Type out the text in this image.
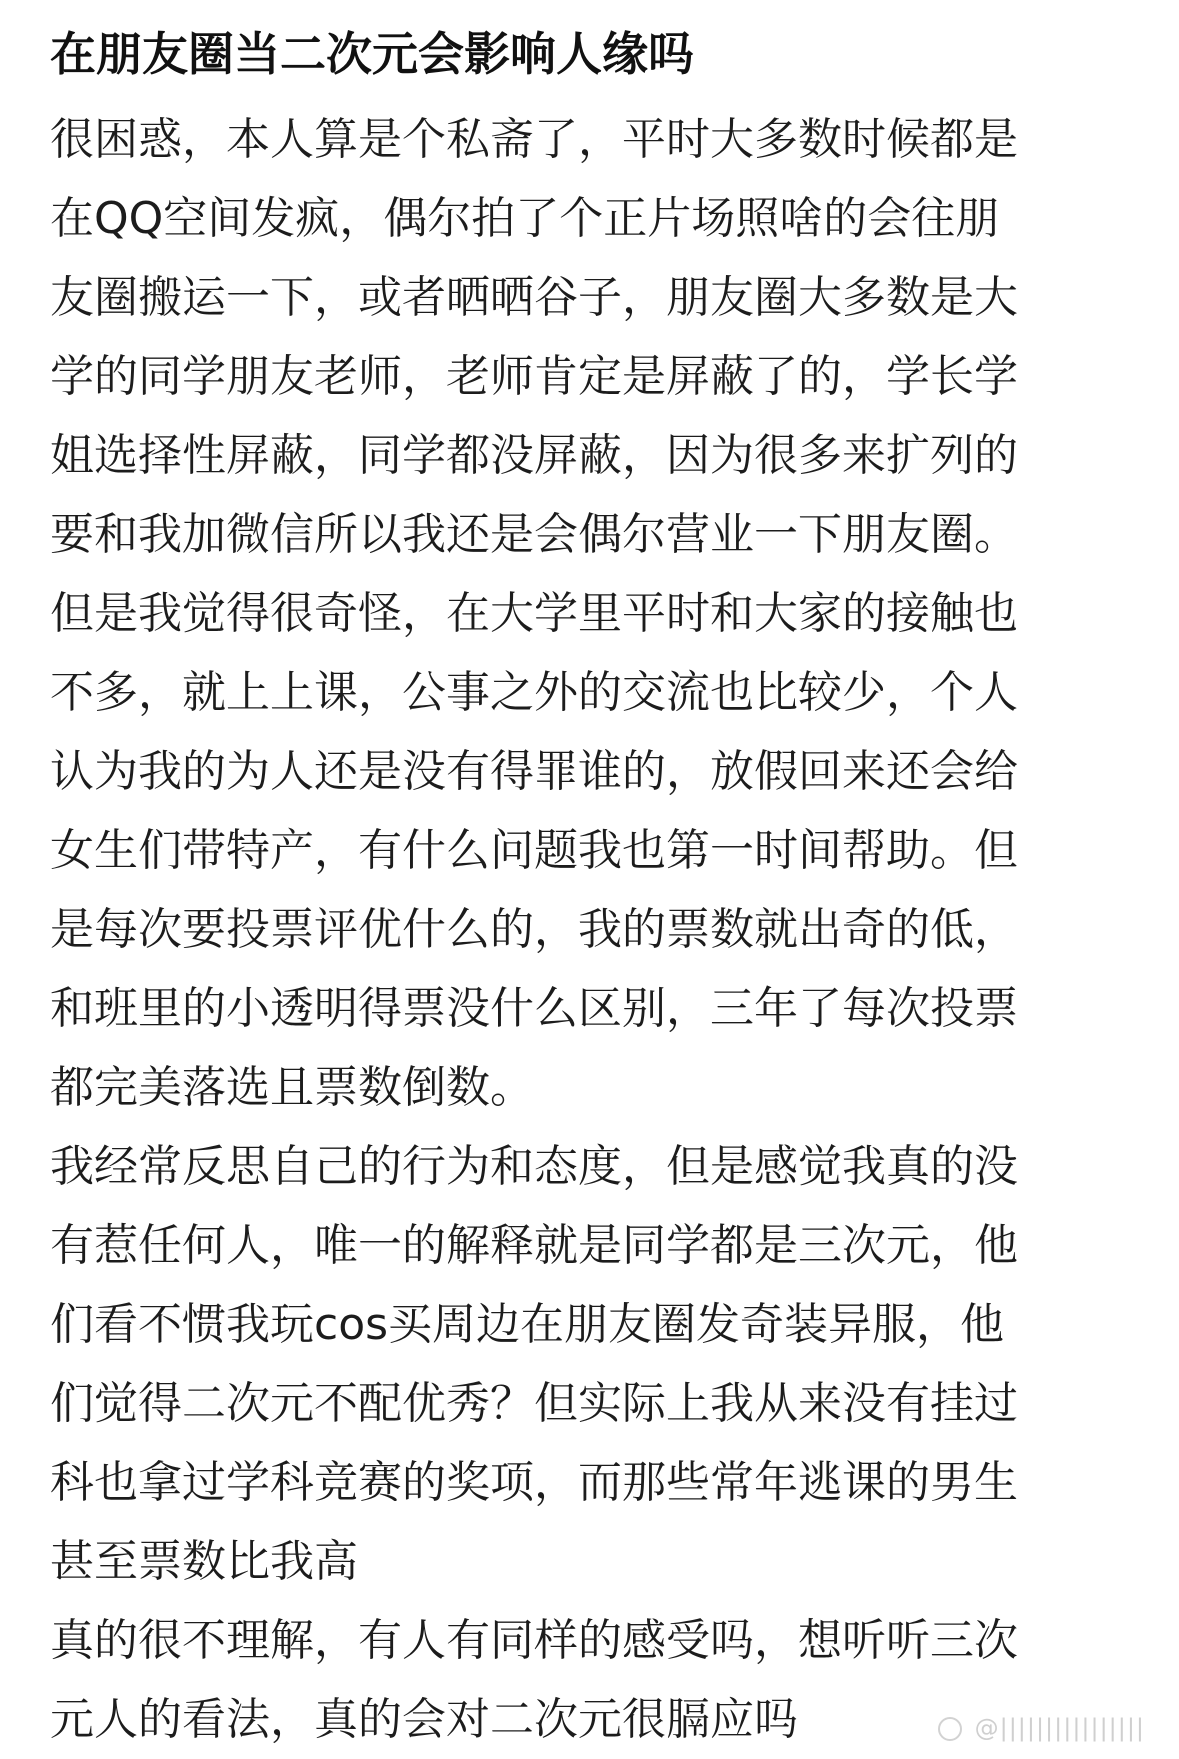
在朋友圈当二次元会影响人缘吗
很困惑，本人算是个私斋了，平时大多数时候都是
在QQ空间发疯，偶尔拍了个正片场照啥的会往朋
友圈搬运一下，或者晒晒谷子，朋友圈大多数是大
学的同学朋友老师，老师肯定是屏蔽了的，学长学
姐选择性屏蔽，同学都没屏蔽，因为很多来扩列的
要和我加微信所以我还是会偶尔营业一下朋友圈。
但是我觉得很奇怪，在大学里平时和大家的接触也
不多，就上上课，公事之外的交流也比较少，个人
认为我的为人还是没有得罪谁的，放假回来还会给
女生们带特产，有什么问题我也第一时间帮助。但
是每次要投票评优什么的，我的票数就出奇的低，
和班里的小透明得票没什么区别，三年了每次投票
都完美落选且票数倒数。
我经常反思自己的行为和态度，但是感觉我真的没
有惹任何人，唯一的解释就是同学都是三次元，他
们看不惯我玩cos买周边在朋友圈发奇装异服，他
们觉得二次元不配优秀？但实际上我从来没有挂过
科也拿过学科竞赛的奖项，而那些常年逃课的男生
甚至票数比我高
真的很不理解，有人有同样的感受吗，想听听三次
元人的看法，真的会对二次元很膈应吗	@||||||||||||||||
